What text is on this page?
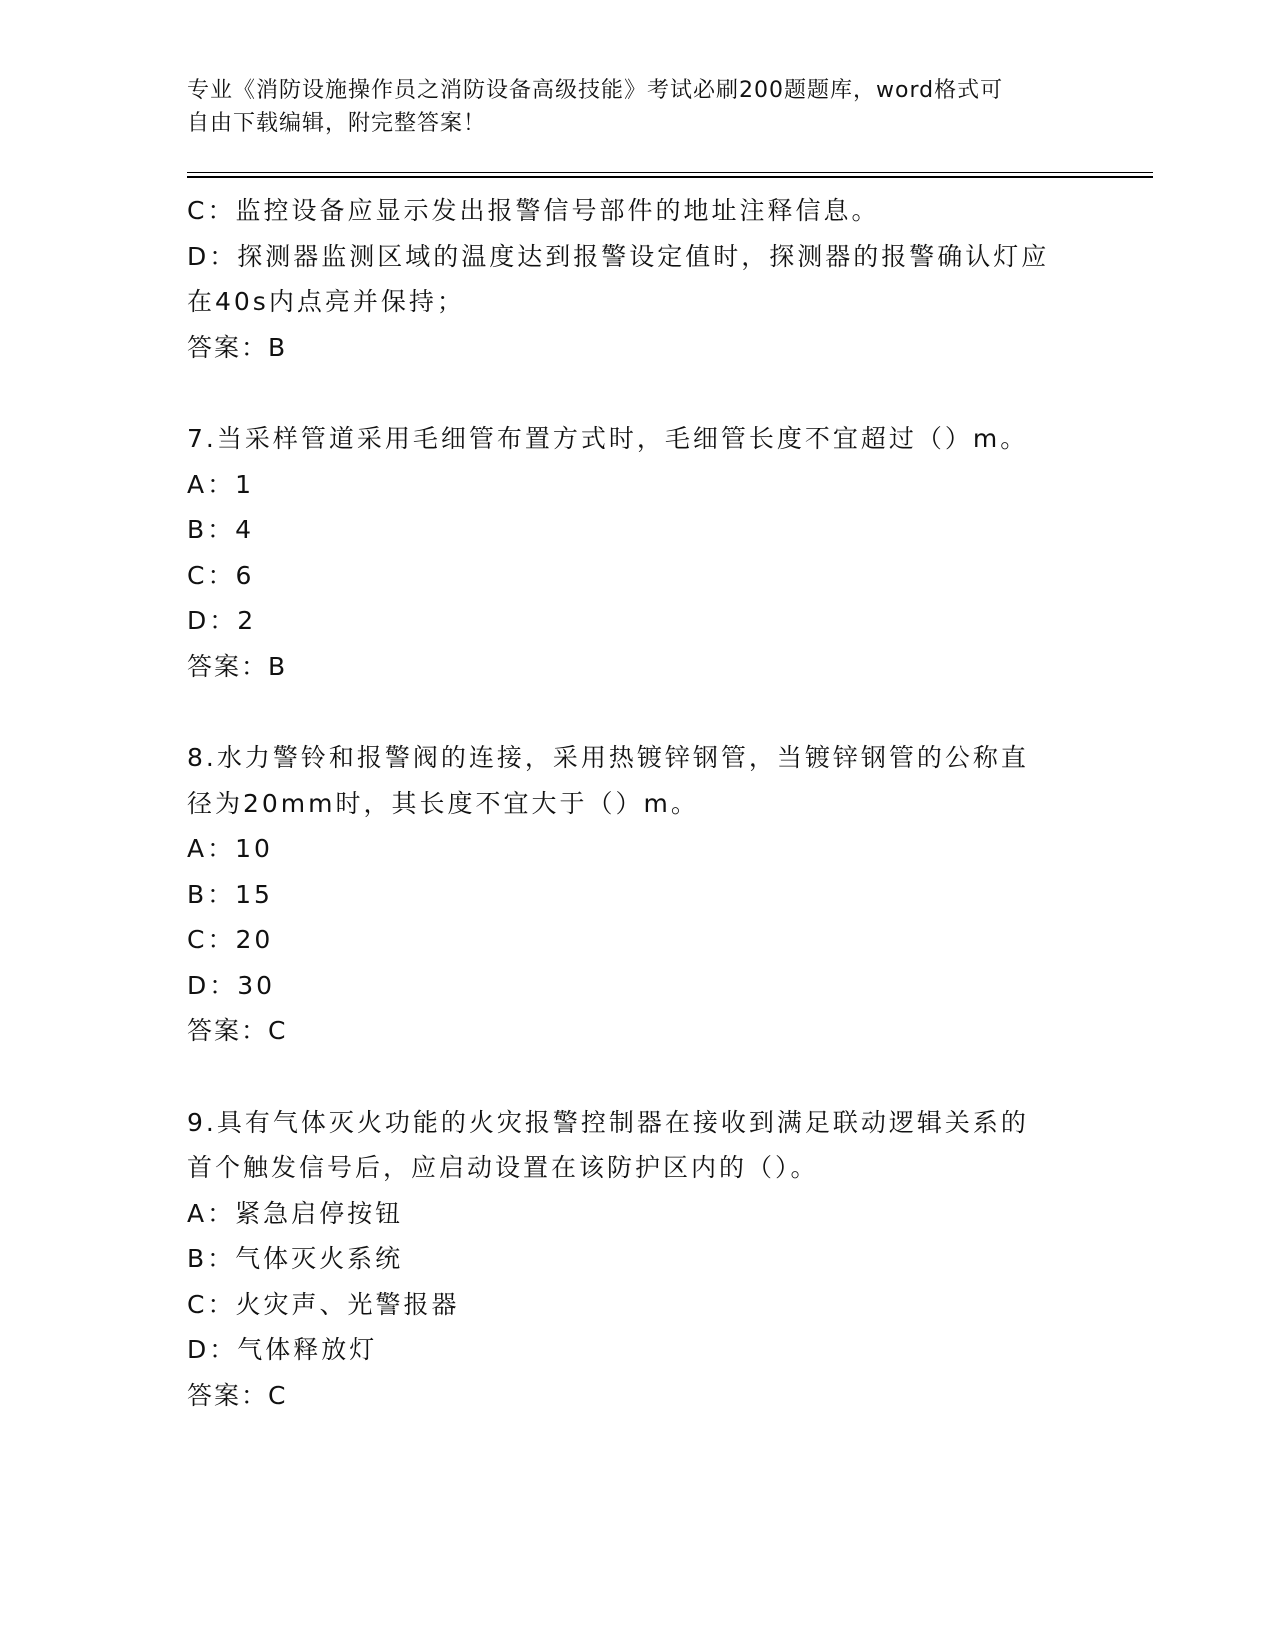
专业《消防设施操作员之消防设备高级技能》考试必刷200题题库，word格式可
自由下载编辑，附完整答案！

C：监控设备应显示发出报警信号部件的地址注释信息。

D：探测器监测区域的温度达到报警设定值时，探测器的报警确认灯应

在40s内点亮并保持；

答案：B

7.当采样管道采用毛细管布置方式时，毛细管长度不宜超过（）m。

A：1

B：4

C：6

D：2

答案：B

8.水力警铃和报警阀的连接，采用热镀锌钢管，当镀锌钢管的公称直

径为20mm时，其长度不宜大于（）m。

A：10

B：15

C：20

D：30

答案：C

9.具有气体灭火功能的火灾报警控制器在接收到满足联动逻辑关系的

首个触发信号后，应启动设置在该防护区内的（）。

A：紧急启停按钮

B：气体灭火系统

C：火灾声、光警报器

D：气体释放灯

答案：C
